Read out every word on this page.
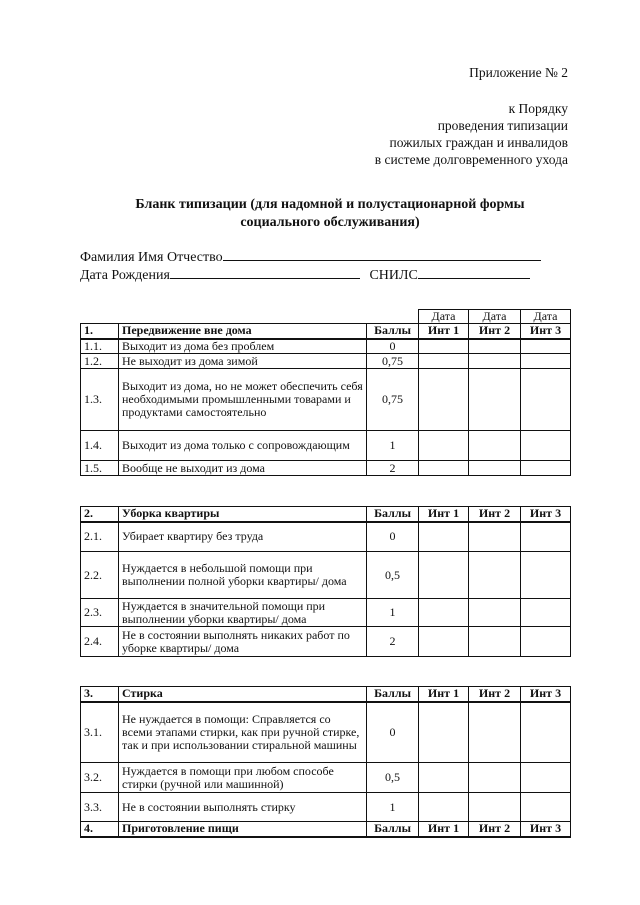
Приложение № 2
к Порядку
проведения типизации
пожилых граждан и инвалидов
в системе долговременного ухода
Бланк типизации (для надомной и полустационарной формы
социального обслуживания)
Фамилия Имя Отчество
Дата Рождения	СНИЛС
			Дата	Дата	Дата
1.	Передвижение вне дома	Баллы	Инт 1	Инт 2	Инт 3
1.1.	Выходит из дома без проблем	0			
1.2.	Не выходит из дома зимой	0,75			
1.3.	Выходит из дома, но не может обеспечить себя необходимыми промышленными товарами и продуктами самостоятельно	0,75			
1.4.	Выходит из дома только с сопровождающим	1			
1.5.	Вообще не выходит из дома	2			
2.	Уборка квартиры	Баллы	Инт 1	Инт 2	Инт 3
2.1.	Убирает квартиру без труда	0			
2.2.	Нуждается в небольшой помощи при выполнении полной уборки квартиры/ дома	0,5			
2.3.	Нуждается в значительной помощи при выполнении уборки квартиры/ дома	1			
2.4.	Не в состоянии выполнять никаких работ по уборке квартиры/ дома	2			
3.	Стирка	Баллы	Инт 1	Инт 2	Инт 3
3.1.	Не нуждается в помощи: Справляется со всеми этапами стирки, как при ручной стирке, так и при использовании стиральной машины	0			
3.2.	Нуждается в помощи при любом способе стирки (ручной или машинной)	0,5			
3.3.	Не в состоянии выполнять стирку	1			
4.	Приготовление пищи	Баллы	Инт 1	Инт 2	Инт 3
